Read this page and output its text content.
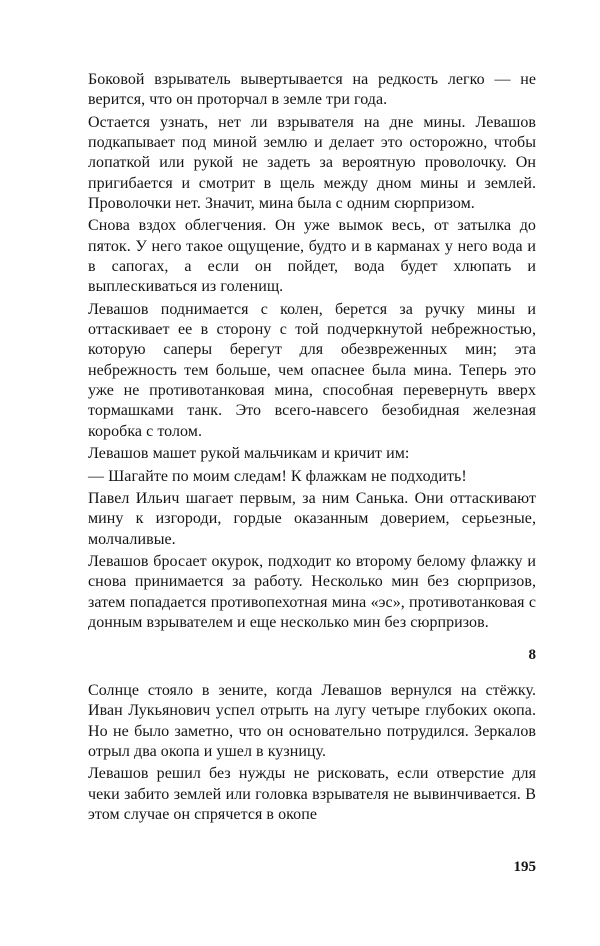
Боковой взрыватель вывертывается на редкость легко — не верится, что он проторчал в земле три года.

Остается узнать, нет ли взрывателя на дне мины. Левашов подкапывает под миной землю и делает это осторожно, чтобы лопаткой или рукой не задеть за вероятную проволочку. Он пригибается и смотрит в щель между дном мины и землей. Проволочки нет. Значит, мина была с одним сюрпризом.

Снова вздох облегчения. Он уже вымок весь, от затылка до пяток. У него такое ощущение, будто и в карманах у него вода и в сапогах, а если он пойдет, вода будет хлюпать и выплескиваться из голенищ.

Левашов поднимается с колен, берется за ручку мины и оттаскивает ее в сторону с той подчеркнутой небрежностью, которую саперы берегут для обезвреженных мин; эта небрежность тем больше, чем опаснее была мина. Теперь это уже не противотанковая мина, способная перевернуть вверх тормашками танк. Это всего-навсего безобидная железная коробка с толом.

Левашов машет рукой мальчикам и кричит им:

— Шагайте по моим следам! К флажкам не подходить!

Павел Ильич шагает первым, за ним Санька. Они оттаскивают мину к изгороди, гордые оказанным доверием, серьезные, молчаливые.

Левашов бросает окурок, подходит ко второму белому флажку и снова принимается за работу. Несколько мин без сюрпризов, затем попадается противопехотная мина «эс», противотанковая с донным взрывателем и еще несколько мин без сюрпризов.

8

Солнце стояло в зените, когда Левашов вернулся на стёжку. Иван Лукьянович успел отрыть на лугу четыре глубоких окопа. Но не было заметно, что он основательно потрудился. Зеркалов отрыл два окопа и ушел в кузницу.

Левашов решил без нужды не рисковать, если отверстие для чеки забито землей или головка взрывателя не вывинчивается. В этом случае он спрячется в окопе

195
